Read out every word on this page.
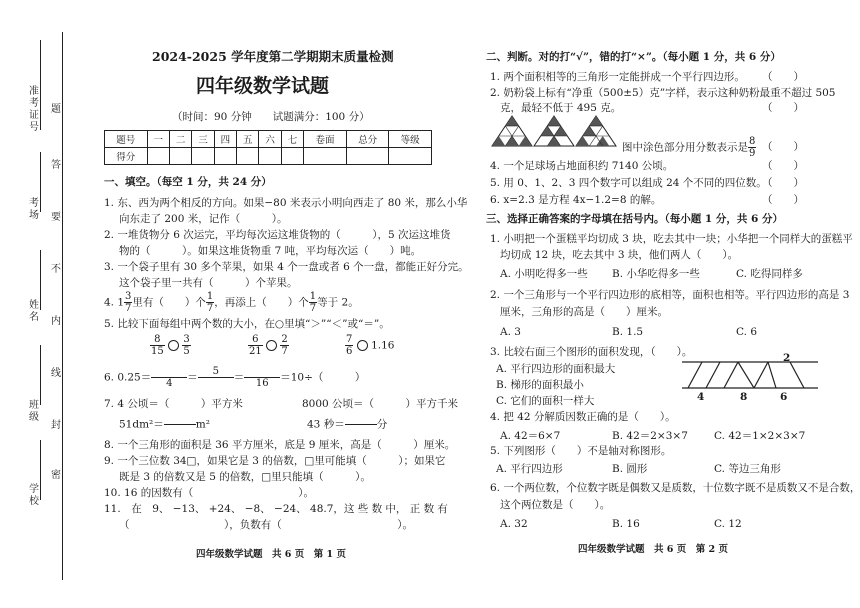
准考证号
考场
姓名
班级
学校
题
答
要
不
内
线
封
密
2024-2025 学年度第二学期期末质量检测
四年级数学试题
（时间：90 分钟　　试题满分：100 分）
题号	一	二	三	四	五	六	七	卷面	总分	等级
得分										
一、填空。（每空 1 分，共 24 分）
1. 东、西为两个相反的方向。如果−80 米表示小明向西走了 80 米，那么小华
向东走了 200 米，记作（　　　）。
2. 一堆货物分 6 次运完，平均每次运这堆货物的（　　　），5 次运这堆货
物的（　　　）。如果这堆货物重 7 吨，平均每次运（　　）吨。
3. 一个袋子里有 30 多个苹果，如果 4 个一盘或者 6 个一盘，都能正好分完。
这个袋子里一共有（　　　）个苹果。
4. $1 \frac{3}{7}$ 里有（　　）个 $\frac{1}{7}$ ，再添上（　　）个 $\frac{1}{7}$ 等于 2。
5. 比较下面每组中两个数的大小，在○里填“＞”“＜”或“＝”。
$\frac{8}{15}$
$\frac{3}{5}$	$\frac{6}{21}$
$\frac{2}{7}$	$\frac{7}{6} 1.16$
6. 0.25＝	4	＝	5	＝	16	＝10÷（　　　）
7. 4 公顷＝（　　　）平方米	8000 公顷＝（　　　）平方千米
51dm²＝	m²	43 秒＝	分
8. 一个三角形的面积是 36 平方厘米，底是 9 厘米，高是（　　　）厘米。
9. 一个三位数 34□，如果它是 3 的倍数，□里可能填（　　　）；如果它
既是 3 的倍数又是 5 的倍数，□里只能填（　　　）。
10. 16 的因数有（　　　　　　　　　　）。
11.　在　9、 −13、 +24、 −8、 −24、 48.7，这 些 数 中， 正 数 有
（　　　　　　　　　），负数有（　　　　　　　　　　　）。
四年级数学试题　共 6 页　第 1 页
二、判断。对的打“√”，错的打“×”。（每小题 1 分，共 6 分）
1. 两个面积相等的三角形一定能拼成一个平行四边形。 （　　）
2. 奶粉袋上标有“净重（500±5）克”字样，表示这种奶粉最重不超过 505
克，最轻不低于 495 克。	（　　）
图中涂色部分用分数表示是 $\frac{8}{9}$ （　　）
4. 一个足球场占地面积约 7140 公顷。	（　　）
5. 用 0、1、2、3 四个数字可以组成 24 个不同的四位数。
（　　）
6. x=2.3 是方程 4x−1.2=8 的解。	（　　）
三、选择正确答案的字母填在括号内。（每小题 1 分，共 6 分）
1. 小明把一个蛋糕平均切成 3 块，吃去其中一块；小华把一个同样大的蛋糕平
均切成 12 块，吃去其中 3 块，他们两人（　　）。
A. 小明吃得多一些 B. 小华吃得多一些	C. 吃得同样多
2. 一个三角形与一个平行四边形的底相等，面积也相等。平行四边形的高是 3
厘米，三角形的高是（　　）厘米。
A. 3	B. 1.5	C. 6
3. 比较右面三个图形的面积发现，（　　）。
A. 平行四边形的面积最大
B. 梯形的面积最小
C. 它们的面积一样大
2
4	8	6
4. 把 42 分解质因数正确的是（　　）。
A. 42＝6×7	B. 42＝2×3×7 C. 42＝1×2×3×7
5. 下列图形（　　）不是轴对称图形。
A. 平行四边形	B. 圆形	C. 等边三角形
6. 一个两位数，个位数字既是偶数又是质数，十位数字既不是质数又不是合数，
这个两位数是（　　）。
A. 32	B. 16	C. 12
四年级数学试题　共 6 页　第 2 页
